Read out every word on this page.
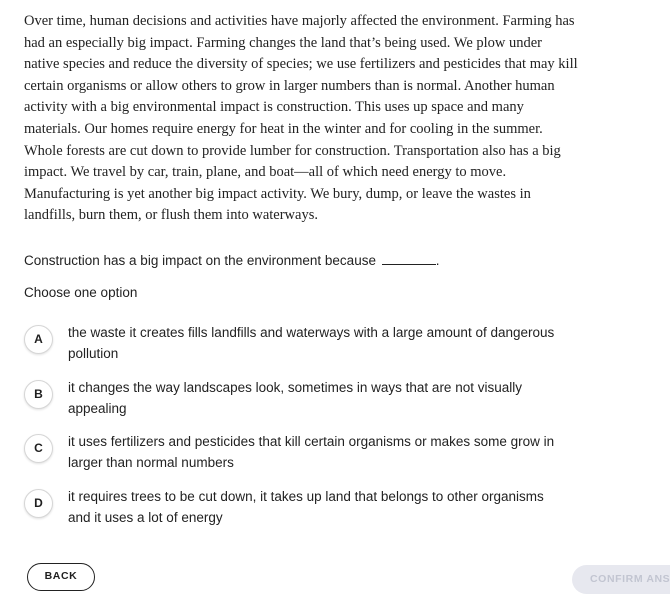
Over time, human decisions and activities have majorly affected the environment. Farming has had an especially big impact. Farming changes the land that’s being used. We plow under native species and reduce the diversity of species; we use fertilizers and pesticides that may kill certain organisms or allow others to grow in larger numbers than is normal. Another human activity with a big environmental impact is construction. This uses up space and many materials. Our homes require energy for heat in the winter and for cooling in the summer. Whole forests are cut down to provide lumber for construction. Transportation also has a big impact. We travel by car, train, plane, and boat—all of which need energy to move. Manufacturing is yet another big impact activity. We bury, dump, or leave the wastes in landfills, burn them, or flush them into waterways.

Construction has a big impact on the environment because	.
Choose one option
A	the waste it creates fills landfills and waterways with a large amount of dangerous pollution
B	it changes the way landscapes look, sometimes in ways that are not visually appealing
C	it uses fertilizers and pesticides that kill certain organisms or makes some grow in larger than normal numbers
D	it requires trees to be cut down, it takes up land that belongs to other organisms and it uses a lot of energy
BACK	CONFIRM ANS
